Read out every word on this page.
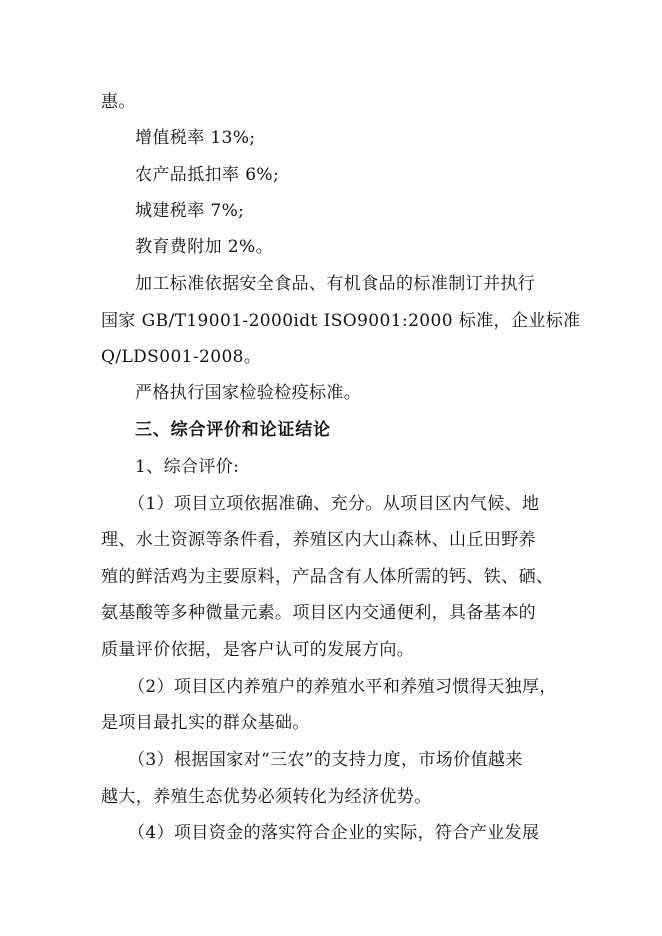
惠。
增值税率 13%;
农产品抵扣率 6%;
城建税率 7%;
教育费附加 2%。
加工标准依据安全食品、有机食品的标准制订并执行
国家 GB/T19001-2000idt ISO9001:2000 标准，企业标准
Q/LDS001-2008。
严格执行国家检验检疫标准。
三、综合评价和论证结论
1、综合评价:
（1）项目立项依据准确、充分。从项目区内气候、地
理、水土资源等条件看，养殖区内大山森林、山丘田野养
殖的鲜活鸡为主要原料，产品含有人体所需的钙、铁、硒、
氨基酸等多种微量元素。项目区内交通便利，具备基本的
质量评价依据，是客户认可的发展方向。
（2）项目区内养殖户的养殖水平和养殖习惯得天独厚，
是项目最扎实的群众基础。
（3）根据国家对“三农”的支持力度，市场价值越来
越大，养殖生态优势必须转化为经济优势。
（4）项目资金的落实符合企业的实际，符合产业发展
